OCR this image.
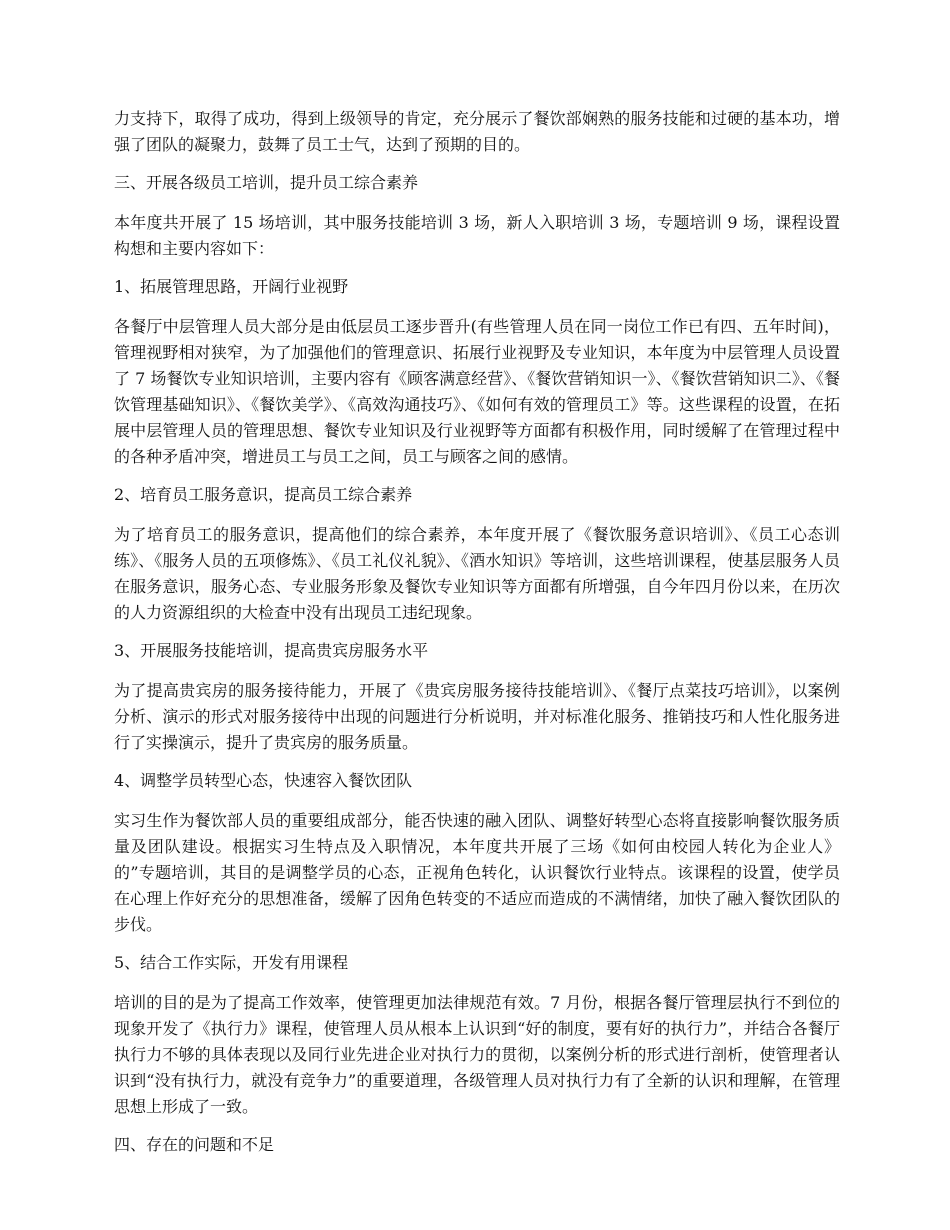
力支持下，取得了成功，得到上级领导的肯定，充分展示了餐饮部娴熟的服务技能和过硬的基本功，增强了团队的凝聚力，鼓舞了员工士气，达到了预期的目的。

三、开展各级员工培训，提升员工综合素养

本年度共开展了 15 场培训，其中服务技能培训 3 场，新人入职培训 3 场，专题培训 9 场，课程设置构想和主要内容如下：

1、拓展管理思路，开阔行业视野

各餐厅中层管理人员大部分是由低层员工逐步晋升(有些管理人员在同一岗位工作已有四、五年时间)，管理视野相对狭窄，为了加强他们的管理意识、拓展行业视野及专业知识，本年度为中层管理人员设置了 7 场餐饮专业知识培训，主要内容有《顾客满意经营》、《餐饮营销知识一》、《餐饮营销知识二》、《餐饮管理基础知识》、《餐饮美学》、《高效沟通技巧》、《如何有效的管理员工》等。这些课程的设置，在拓展中层管理人员的管理思想、餐饮专业知识及行业视野等方面都有积极作用，同时缓解了在管理过程中的各种矛盾冲突，增进员工与员工之间，员工与顾客之间的感情。

2、培育员工服务意识，提高员工综合素养

为了培育员工的服务意识，提高他们的综合素养，本年度开展了《餐饮服务意识培训》、《员工心态训练》、《服务人员的五项修炼》、《员工礼仪礼貌》、《酒水知识》等培训，这些培训课程，使基层服务人员在服务意识，服务心态、专业服务形象及餐饮专业知识等方面都有所增强，自今年四月份以来，在历次的人力资源组织的大检查中没有出现员工违纪现象。

3、开展服务技能培训，提高贵宾房服务水平

为了提高贵宾房的服务接待能力，开展了《贵宾房服务接待技能培训》、《餐厅点菜技巧培训》，以案例分析、演示的形式对服务接待中出现的问题进行分析说明，并对标准化服务、推销技巧和人性化服务进行了实操演示，提升了贵宾房的服务质量。

4、调整学员转型心态，快速容入餐饮团队

实习生作为餐饮部人员的重要组成部分，能否快速的融入团队、调整好转型心态将直接影响餐饮服务质量及团队建设。根据实习生特点及入职情况，本年度共开展了三场《如何由校园人转化为企业人》的”专题培训，其目的是调整学员的心态，正视角色转化，认识餐饮行业特点。该课程的设置，使学员在心理上作好充分的思想准备，缓解了因角色转变的不适应而造成的不满情绪，加快了融入餐饮团队的步伐。

5、结合工作实际，开发有用课程

培训的目的是为了提高工作效率，使管理更加法律规范有效。7 月份，根据各餐厅管理层执行不到位的现象开发了《执行力》课程，使管理人员从根本上认识到“好的制度，要有好的执行力”，并结合各餐厅执行力不够的具体表现以及同行业先进企业对执行力的贯彻，以案例分析的形式进行剖析，使管理者认识到“没有执行力，就没有竞争力”的重要道理，各级管理人员对执行力有了全新的认识和理解，在管理思想上形成了一致。

四、存在的问题和不足
